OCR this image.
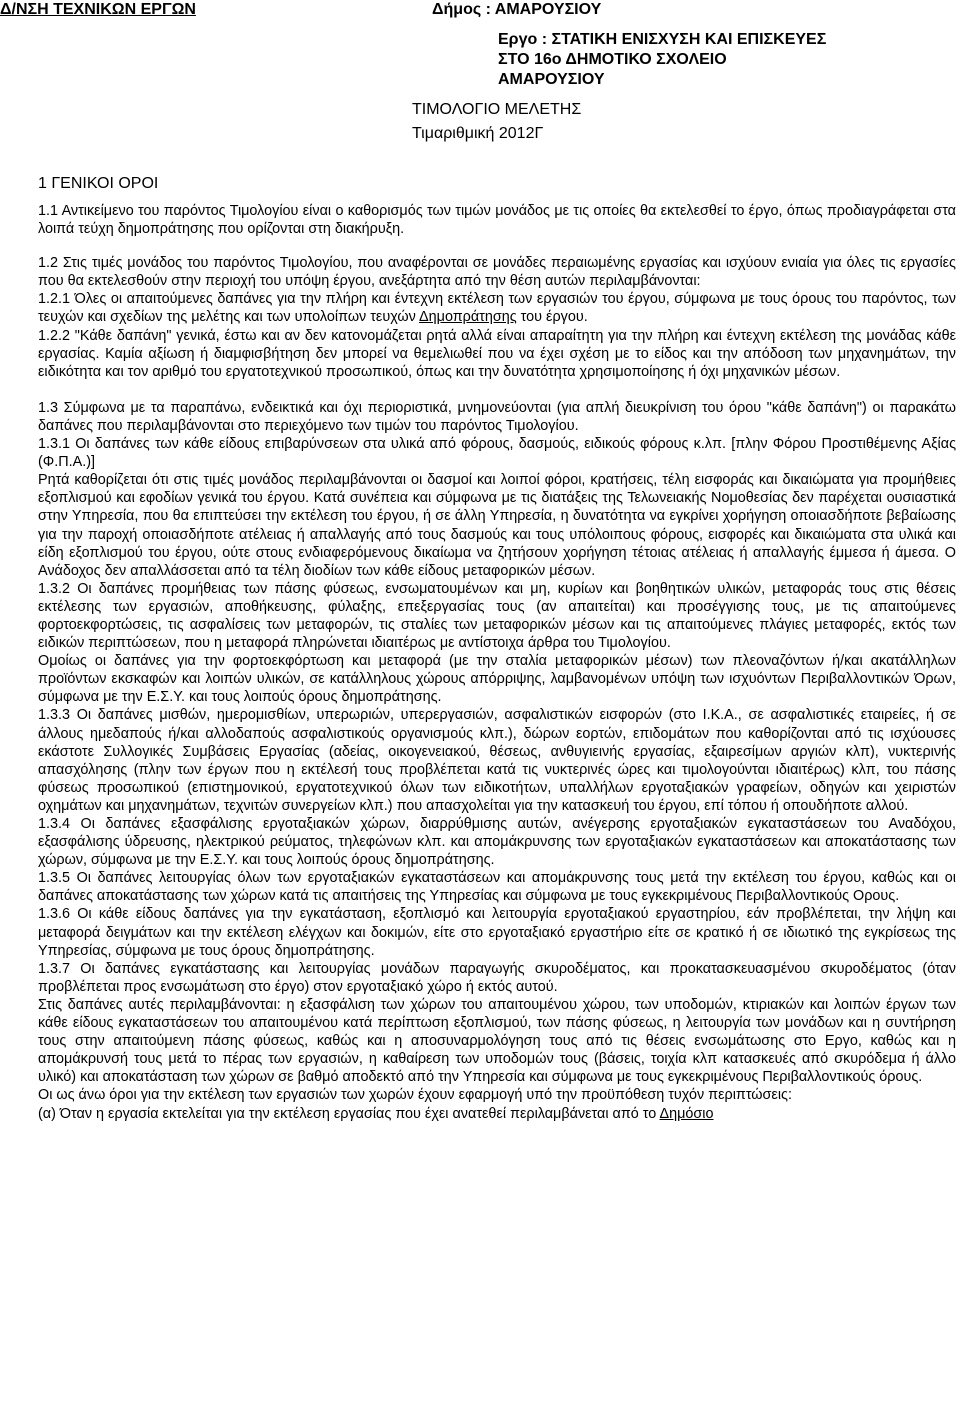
Δ/ΝΣΗ ΤΕΧΝΙΚΩΝ ΕΡΓΩΝ	Δήμος : ΑΜΑΡΟΥΣΙΟΥ
Εργο : ΣΤΑΤΙΚΗ ΕΝΙΣΧΥΣΗ ΚΑΙ ΕΠΙΣΚΕΥΕΣ
ΣΤΟ 16ο ΔΗΜΟΤΙΚΟ ΣΧΟΛΕΙΟ
ΑΜΑΡΟΥΣΙΟΥ
ΤΙΜΟΛΟΓΙΟ ΜΕΛΕΤΗΣ
Τιμαριθμική 2012Γ
1 ΓΕΝΙΚΟΙ ΟΡΟΙ

1.1 Αντικείμενο του παρόντος Τιμολογίου είναι ο καθορισμός των τιμών μονάδος με τις οποίες θα εκτελεσθεί το έργο, όπως προδιαγράφεται στα λοιπά τεύχη δημοπράτησης που ορίζονται στη διακήρυξη.

1.2 Στις τιμές μονάδος του παρόντος Τιμολογίου, που αναφέρονται σε μονάδες περαιωμένης εργασίας και ισχύουν ενιαία για όλες τις εργασίες που θα εκτελεσθούν στην περιοχή του υπόψη έργου, ανεξάρτητα από την θέση αυτών περιλαμβάνονται:

1.2.1 Όλες οι απαιτούμενες δαπάνες για την πλήρη και έντεχνη εκτέλεση των εργασιών του έργου, σύμφωνα με τους όρους του παρόντος, των τευχών και σχεδίων της μελέτης και των υπολοίπων τευχών Δημοπράτησης του έργου.

1.2.2 "Κάθε δαπάνη" γενικά, έστω και αν δεν κατονομάζεται ρητά αλλά είναι απαραίτητη για την πλήρη και έντεχνη εκτέλεση της μονάδας κάθε εργασίας. Καμία αξίωση ή διαμφισβήτηση δεν μπορεί να θεμελιωθεί που να έχει σχέση με το είδος και την απόδοση των μηχανημάτων, την ειδικότητα και τον αριθμό του εργατοτεχνικού προσωπικού, όπως και την δυνατότητα χρησιμοποίησης ή όχι μηχανικών μέσων.

1.3 Σύμφωνα με τα παραπάνω, ενδεικτικά και όχι περιοριστικά, μνημονεύονται (για απλή διευκρίνιση του όρου "κάθε δαπάνη") οι παρακάτω δαπάνες που περιλαμβάνονται στο περιεχόμενο των τιμών του παρόντος Τιμολογίου.

1.3.1 Οι δαπάνες των κάθε είδους επιβαρύνσεων στα υλικά από φόρους, δασμούς, ειδικούς φόρους κ.λπ. [πλην Φόρου Προστιθέμενης Αξίας (Φ.Π.Α.)]

Ρητά καθορίζεται ότι στις τιμές μονάδος περιλαμβάνονται οι δασμοί και λοιποί φόροι, κρατήσεις, τέλη εισφοράς και δικαιώματα για προμήθειες εξοπλισμού και εφοδίων γενικά του έργου. Κατά συνέπεια και σύμφωνα με τις διατάξεις της Τελωνειακής Νομοθεσίας δεν παρέχεται ουσιαστικά στην Υπηρεσία, που θα επιπτεύσει την εκτέλεση του έργου, ή σε άλλη Υπηρεσία, η δυνατότητα να εγκρίνει χορήγηση οποιασδήποτε βεβαίωσης για την παροχή οποιασδήποτε ατέλειας ή απαλλαγής από τους δασμούς και τους υπόλοιπους φόρους, εισφορές και δικαιώματα στα υλικά και είδη εξοπλισμού του έργου, ούτε στους ενδιαφερόμενους δικαίωμα να ζητήσουν χορήγηση τέτοιας ατέλειας ή απαλλαγής έμμεσα ή άμεσα. Ο Ανάδοχος δεν απαλλάσσεται από τα τέλη διοδίων των κάθε είδους μεταφορικών μέσων.

1.3.2 Οι δαπάνες προμήθειας των πάσης φύσεως, ενσωματουμένων και μη, κυρίων και βοηθητικών υλικών, μεταφοράς τους στις θέσεις εκτέλεσης των εργασιών, αποθήκευσης, φύλαξης, επεξεργασίας τους (αν απαιτείται) και προσέγγισης τους, με τις απαιτούμενες φορτοεκφορτώσεις, τις ασφαλίσεις των μεταφορών, τις σταλίες των μεταφορικών μέσων και τις απαιτούμενες πλάγιες μεταφορές, εκτός των ειδικών περιπτώσεων, που η μεταφορά πληρώνεται ιδιαιτέρως με αντίστοιχα άρθρα του Τιμολογίου.

Ομοίως οι δαπάνες για την φορτοεκφόρτωση και μεταφορά (με την σταλία μεταφορικών μέσων) των πλεοναζόντων ή/και ακατάλληλων προϊόντων εκσκαφών και λοιπών υλικών, σε κατάλληλους χώρους απόρριψης, λαμβανομένων υπόψη των ισχυόντων Περιβαλλοντικών Όρων, σύμφωνα με την Ε.Σ.Υ. και τους λοιπούς όρους δημοπράτησης.

1.3.3 Οι δαπάνες μισθών, ημερομισθίων, υπερωριών, υπερεργασιών, ασφαλιστικών εισφορών (στο Ι.Κ.Α., σε ασφαλιστικές εταιρείες, ή σε άλλους ημεδαπούς ή/και αλλοδαπούς ασφαλιστικούς οργανισμούς κλπ.), δώρων εορτών, επιδομάτων που καθορίζονται από τις ισχύουσες εκάστοτε Συλλογικές Συμβάσεις Εργασίας (αδείας, οικογενειακού, θέσεως, ανθυγιεινής εργασίας, εξαιρεσίμων αργιών κλπ), νυκτερινής απασχόλησης (πλην των έργων που η εκτέλεσή τους προβλέπεται κατά τις νυκτερινές ώρες και τιμολογούνται ιδιαιτέρως) κλπ, του πάσης φύσεως προσωπικού (επιστημονικού, εργατοτεχνικού όλων των ειδικοτήτων, υπαλλήλων εργοταξιακών γραφείων, οδηγών και χειριστών οχημάτων και μηχανημάτων, τεχνιτών συνεργείων κλπ.) που απασχολείται για την κατασκευή του έργου, επί τόπου ή οπουδήποτε αλλού.

1.3.4 Οι δαπάνες εξασφάλισης εργοταξιακών χώρων, διαρρύθμισης αυτών, ανέγερσης εργοταξιακών εγκαταστάσεων του Αναδόχου, εξασφάλισης ύδρευσης, ηλεκτρικού ρεύματος, τηλεφώνων κλπ. και απομάκρυνσης των εργοταξιακών εγκαταστάσεων και αποκατάστασης των χώρων, σύμφωνα με την Ε.Σ.Υ. και τους λοιπούς όρους δημοπράτησης.

1.3.5 Οι δαπάνες λειτουργίας όλων των εργοταξιακών εγκαταστάσεων και απομάκρυνσης τους μετά την εκτέλεση του έργου, καθώς και οι δαπάνες αποκατάστασης των χώρων κατά τις απαιτήσεις της Υπηρεσίας και σύμφωνα με τους εγκεκριμένους Περιβαλλοντικούς Ορους.

1.3.6 Οι κάθε είδους δαπάνες για την εγκατάσταση, εξοπλισμό και λειτουργία εργοταξιακού εργαστηρίου, εάν προβλέπεται, την λήψη και μεταφορά δειγμάτων και την εκτέλεση ελέγχων και δοκιμών, είτε στο εργοταξιακό εργαστήριο είτε σε κρατικό ή σε ιδιωτικό της εγκρίσεως της Υπηρεσίας, σύμφωνα με τους όρους δημοπράτησης.

1.3.7 Οι δαπάνες εγκατάστασης και λειτουργίας μονάδων παραγωγής σκυροδέματος, και προκατασκευασμένου σκυροδέματος (όταν προβλέπεται προς ενσωμάτωση στο έργο) στον εργοταξιακό χώρο ή εκτός αυτού.

Στις δαπάνες αυτές περιλαμβάνονται: η εξασφάλιση των χώρων του απαιτουμένου χώρου, των υποδομών, κτιριακών και λοιπών έργων των κάθε είδους εγκαταστάσεων του απαιτουμένου κατά περίπτωση εξοπλισμού, των πάσης φύσεως, η λειτουργία των μονάδων και η συντήρηση τους στην απαιτούμενη πάσης φύσεως, καθώς και η αποσυναρμολόγηση τους από τις θέσεις ενσωμάτωσης στο Εργο, καθώς και η απομάκρυνσή τους μετά το πέρας των εργασιών, η καθαίρεση των υποδομών τους (βάσεις, τοιχία κλπ κατασκευές από σκυρόδεμα ή άλλο υλικό) και αποκατάσταση των χώρων σε βαθμό αποδεκτό από την Υπηρεσία και σύμφωνα με τους εγκεκριμένους Περιβαλλοντικούς όρους.

Οι ως άνω όροι για την εκτέλεση των εργασιών των χωρών έχουν εφαρμογή υπό την προϋπόθεση τυχόν περιπτώσεις:

(α) Όταν η εργασία εκτελείται για την εκτέλεση εργασίας που έχει ανατεθεί περιλαμβάνεται από το Δημόσιο
